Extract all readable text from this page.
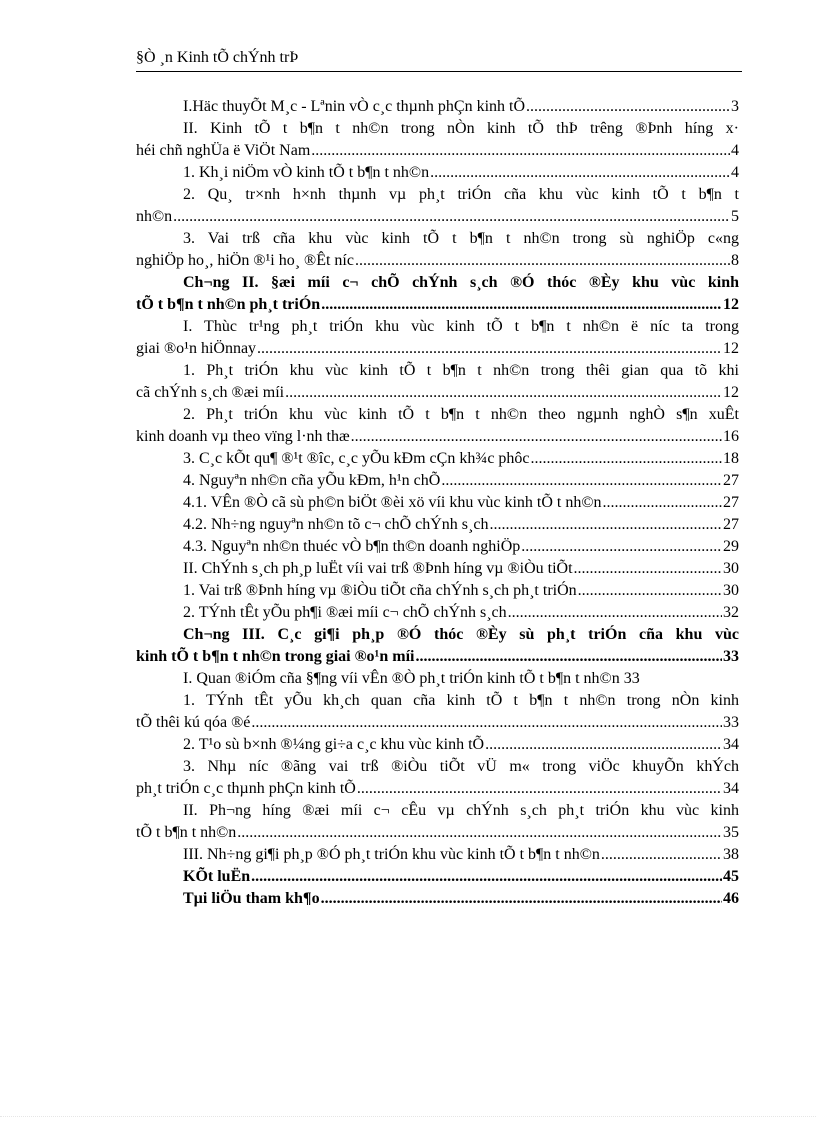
§Ò ¸n Kinh tÕ chÝnh trÞ
I.Häc thuyÕt M¸c - Lªnin vÒ c¸c thµnh phÇn kinh tÕ .....	3
II. Kinh tÕ t b¶n t nh©n trong nÒn kinh tÕ thÞ trêng ®Þnh híng x·
héi chñ nghÜa ë ViÖt Nam .....	4
1. Kh¸i niÖm vÒ kinh tÕ t b¶n t nh©n .....	4
2. Qu¸ tr×nh h×nh thµnh vµ ph¸t triÓn cña khu vùc kinh tÕ t b¶n t
nh©n .....	5
3. Vai trß cña khu vùc kinh tÕ t b¶n t nh©n trong sù nghiÖp c«ng
nghiÖp ho¸, hiÖn ®¹i ho¸ ®Êt níc .....	8
Ch¬ng II. §æi míi c¬ chÕ chÝnh s¸ch ®Ó thóc ®Èy khu vùc kinh
tÕ t b¶n t nh©n ph¸t triÓn .....	12
I. Thùc tr¹ng ph¸t triÓn khu vùc kinh tÕ t b¶n t nh©n ë níc ta trong
giai ®o¹n hiÖnnay .....	12
1. Ph¸t triÓn khu vùc kinh tÕ t b¶n t nh©n trong thêi gian qua tõ khi
cã chÝnh s¸ch ®æi míi .....	12
2. Ph¸t triÓn khu vùc kinh tÕ t b¶n t nh©n theo ngµnh nghÒ s¶n xuÊt
kinh doanh vµ theo vïng l·nh thæ .....	16
3. C¸c kÕt qu¶ ®¹t ®îc, c¸c yÕu kÐm cÇn kh¾c phôc .....	18
4. Nguyªn nh©n cña yÕu kÐm, h¹n chÕ .....	27
4.1. VÊn ®Ò cã sù ph©n biÖt ®èi xö víi khu vùc kinh tÕ t nh©n .....	27
4.2. Nh÷ng nguyªn nh©n tõ c¬ chÕ chÝnh s¸ch .....	27
4.3. Nguyªn nh©n thuéc vÒ b¶n th©n doanh nghiÖp .....	29
II. ChÝnh s¸ch ph¸p luËt víi vai trß ®Þnh híng vµ ®iÒu tiÕt .....	30
1. Vai trß ®Þnh híng vµ ®iÒu tiÕt cña chÝnh s¸ch ph¸t triÓn .....	30
2. TÝnh tÊt yÕu ph¶i ®æi míi c¬ chÕ chÝnh s¸ch .....	32
Ch¬ng III. C¸c gi¶i ph¸p ®Ó thóc ®Èy sù ph¸t triÓn cña khu vùc
kinh tÕ t b¶n t nh©n trong giai ®o¹n míi .....	33
I. Quan ®iÓm cña §¶ng víi vÊn ®Ò ph¸t triÓn kinh tÕ t b¶n t nh©n 33
1. TÝnh tÊt yÕu kh¸ch quan cña kinh tÕ t b¶n t nh©n trong nÒn kinh
tÕ thêi kú qóa ®é .....	33
2. T¹o sù b×nh ®¼ng gi÷a c¸c khu vùc kinh tÕ .....	34
3. Nhµ níc ®ãng vai trß ®iÒu tiÕt vÜ m« trong viÖc khuyÕn khÝch
ph¸t triÓn c¸c thµnh phÇn kinh tÕ .....	34
II. Ph¬ng híng ®æi míi c¬ cÊu vµ chÝnh s¸ch ph¸t triÓn khu vùc kinh
tÕ t b¶n t nh©n .....	35
III. Nh÷ng gi¶i ph¸p ®Ó ph¸t triÓn khu vùc kinh tÕ t b¶n t nh©n .....	38
KÕt luËn .....	45
Tµi liÖu tham kh¶o .....	46
